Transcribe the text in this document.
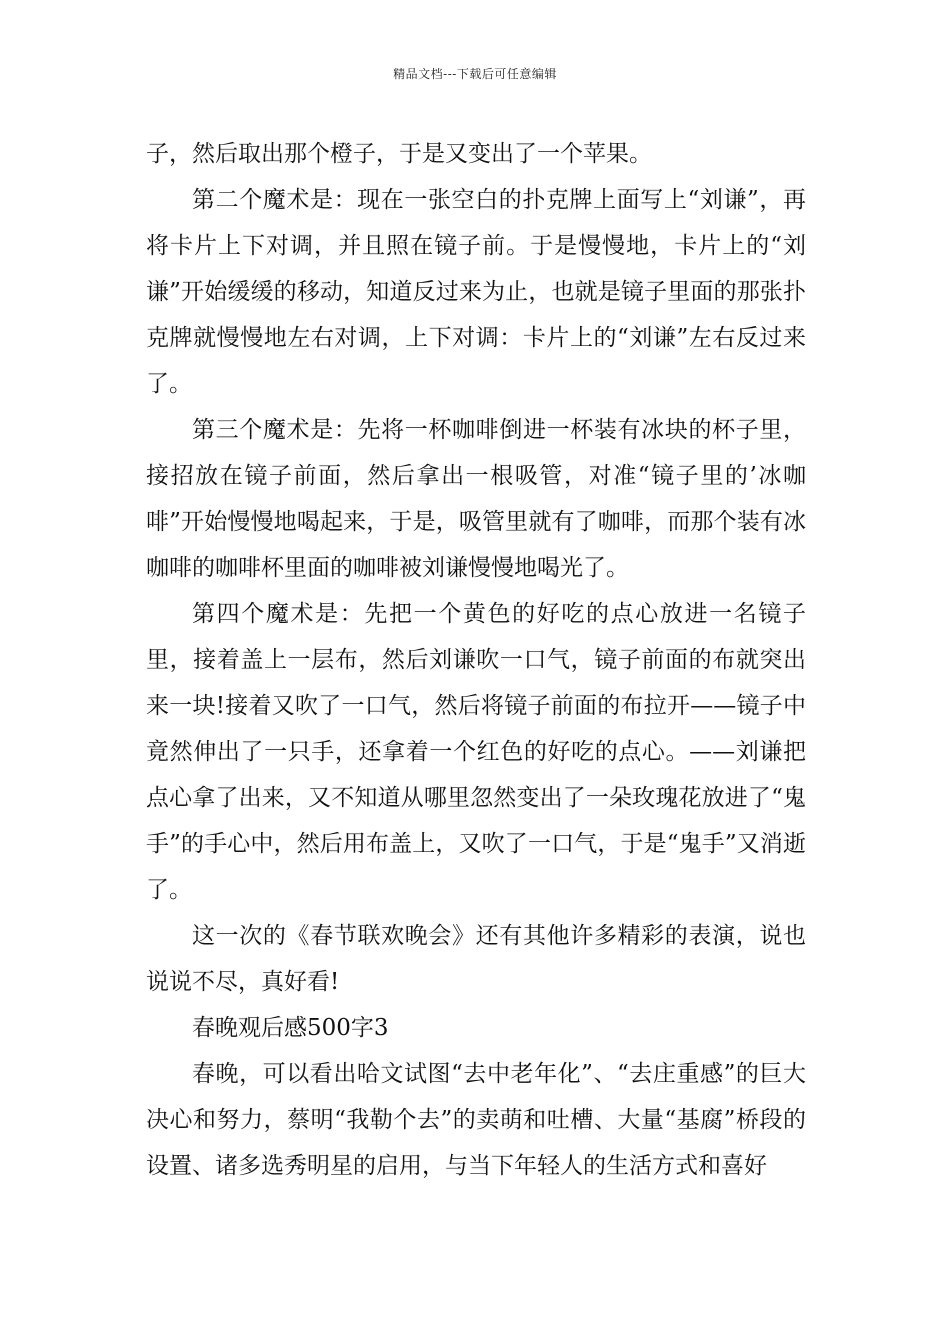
精品文档---下载后可任意编辑

子，然后取出那个橙子，于是又变出了一个苹果。

第二个魔术是：现在一张空白的扑克牌上面写上“刘谦”，再将卡片上下对调，并且照在镜子前。于是慢慢地，卡片上的“刘谦”开始缓缓的移动，知道反过来为止，也就是镜子里面的那张扑克牌就慢慢地左右对调，上下对调：卡片上的“刘谦”左右反过来了。

第三个魔术是：先将一杯咖啡倒进一杯装有冰块的杯子里，接招放在镜子前面，然后拿出一根吸管，对准“镜子里的’冰咖啡”开始慢慢地喝起来，于是，吸管里就有了咖啡，而那个装有冰咖啡的咖啡杯里面的咖啡被刘谦慢慢地喝光了。

第四个魔术是：先把一个黄色的好吃的点心放进一名镜子里，接着盖上一层布，然后刘谦吹一口气，镜子前面的布就突出来一块!接着又吹了一口气，然后将镜子前面的布拉开——镜子中竟然伸出了一只手，还拿着一个红色的好吃的点心。——刘谦把点心拿了出来，又不知道从哪里忽然变出了一朵玫瑰花放进了“鬼手”的手心中，然后用布盖上，又吹了一口气，于是“鬼手”又消逝了。

这一次的《春节联欢晚会》还有其他许多精彩的表演，说也说说不尽，真好看!

春晚观后感500字3

春晚，可以看出哈文试图“去中老年化”、“去庄重感”的巨大决心和努力，蔡明“我勒个去”的卖萌和吐槽、大量“基腐”桥段的设置、诸多选秀明星的启用，与当下年轻人的生活方式和喜好
